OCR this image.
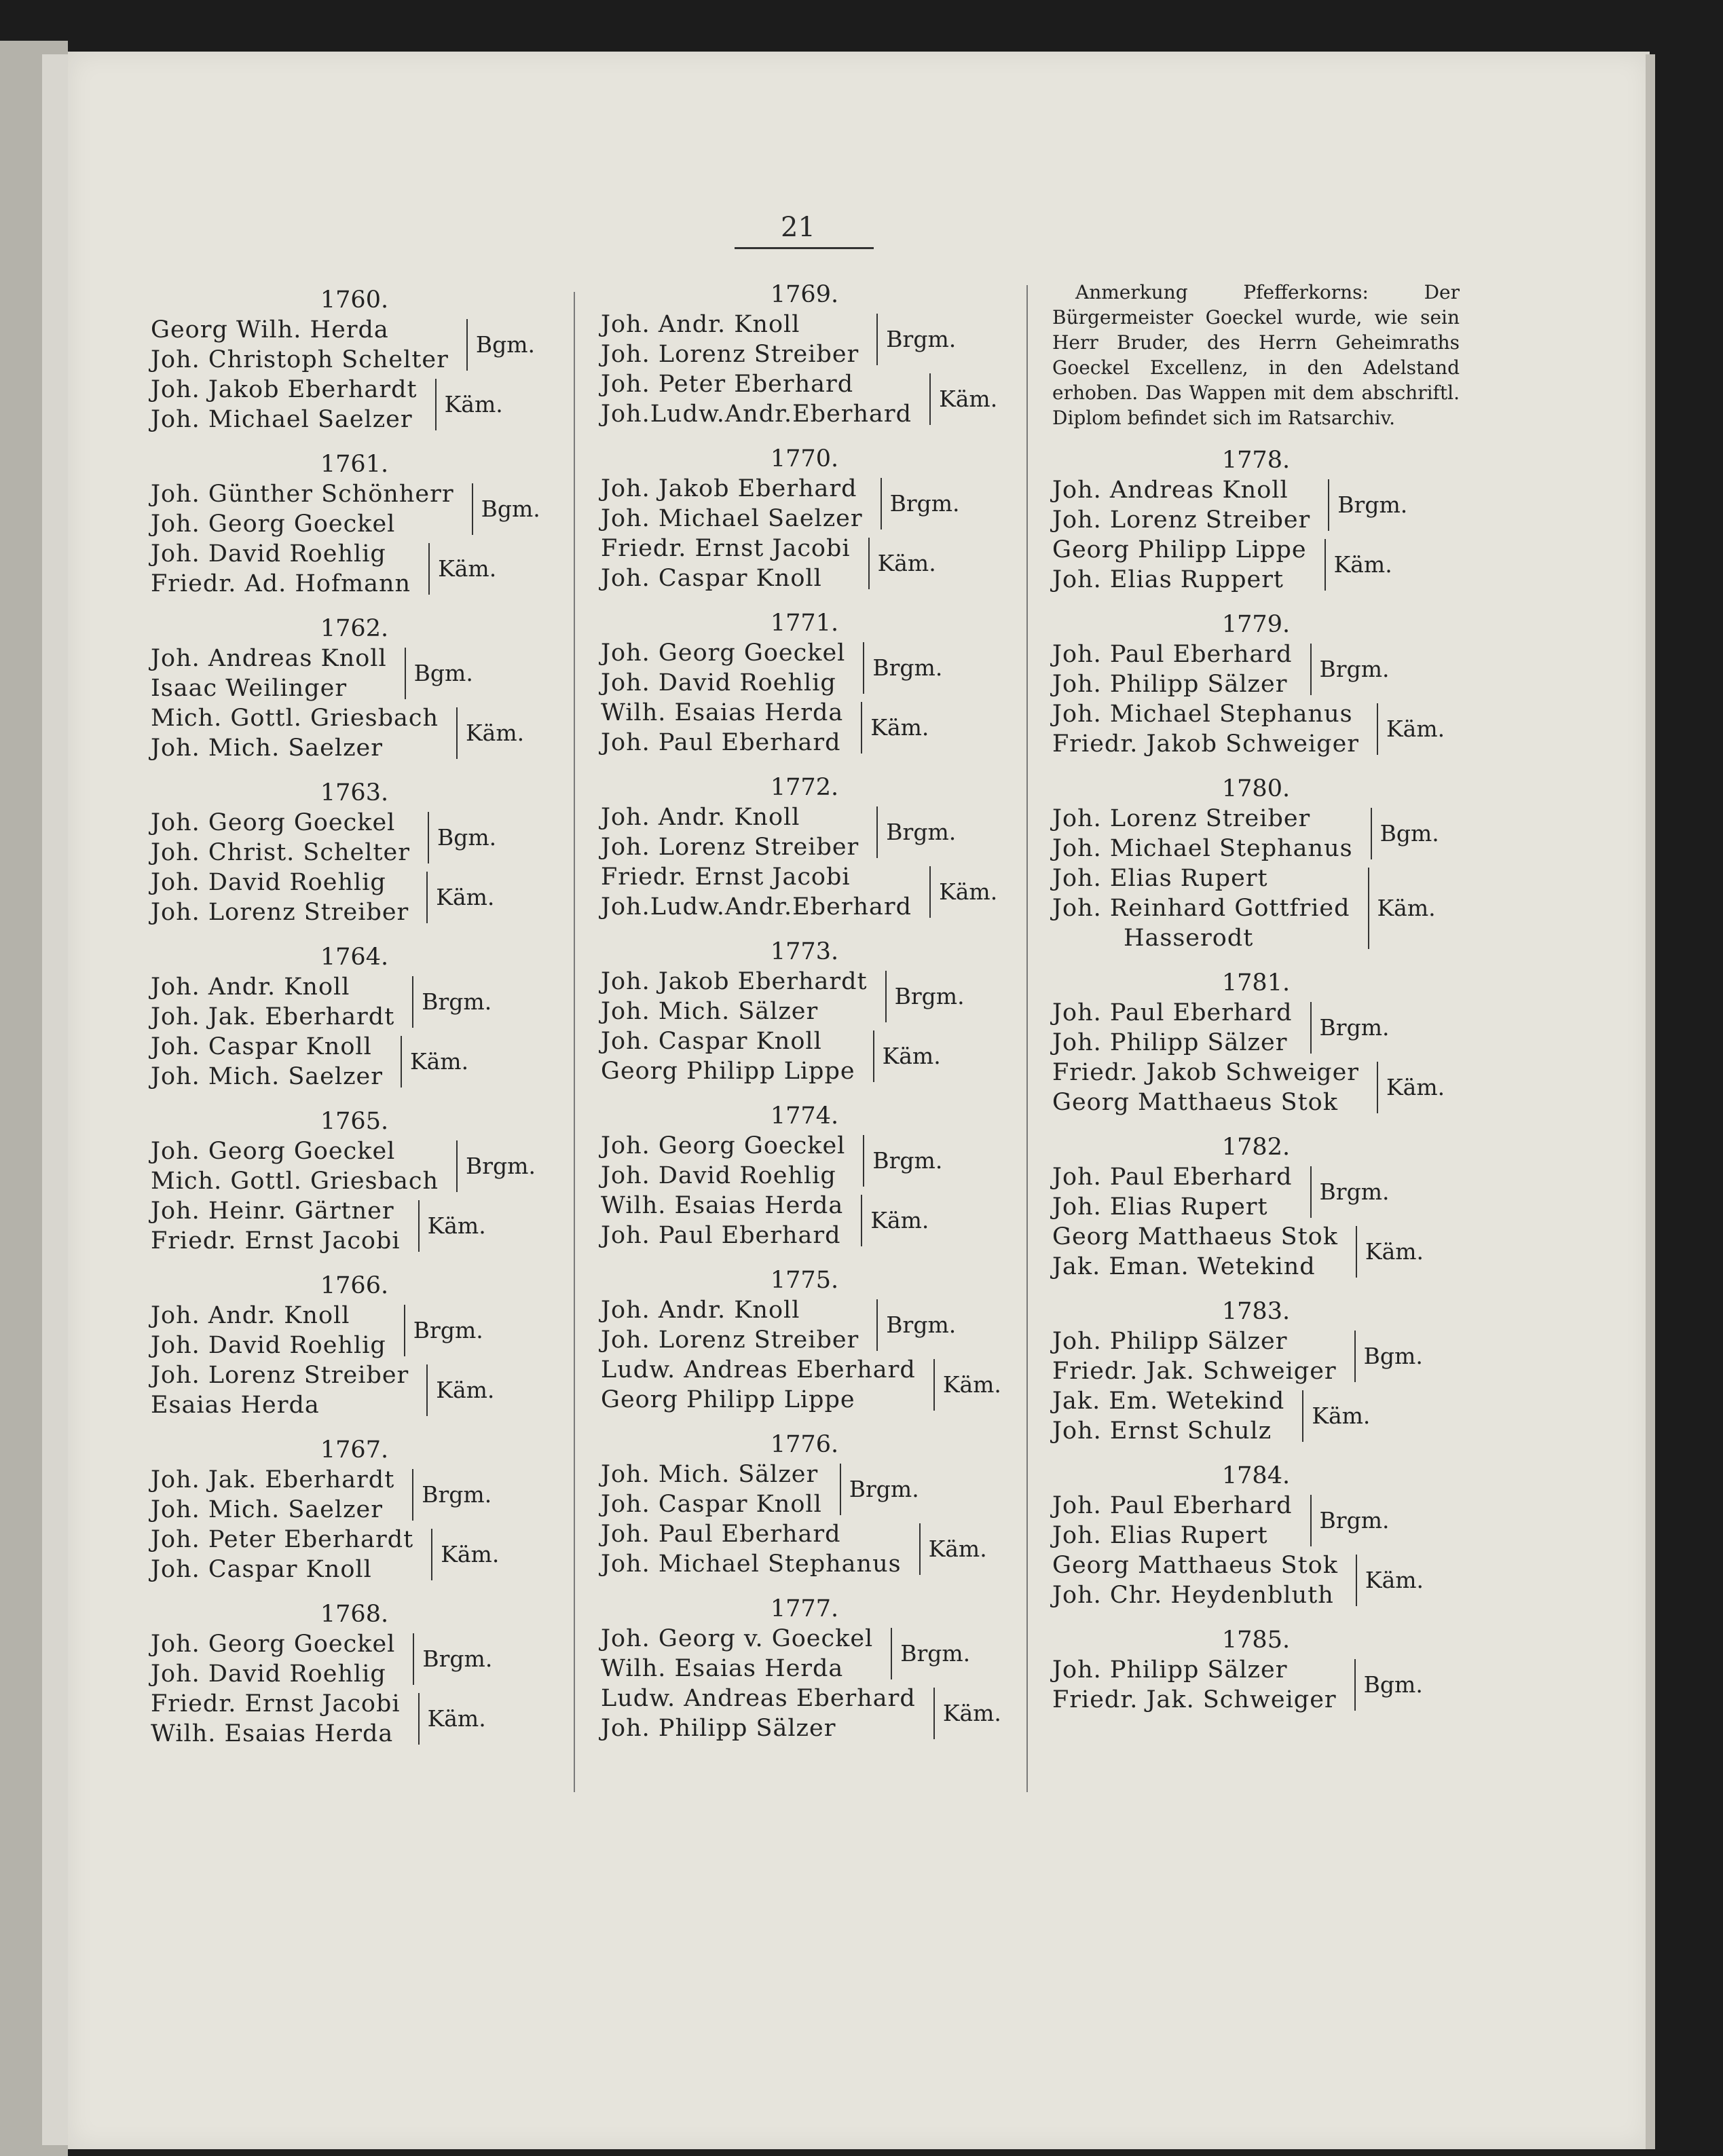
21
1760.
Georg Wilh. Herda
Joh. Christoph Schelter
Bgm.
Joh. Jakob Eberhardt
Joh. Michael Saelzer
Käm.
1761.
Joh. Günther Schönherr
Joh. Georg Goeckel
Bgm.
Joh. David Roehlig
Friedr. Ad. Hofmann
Käm.
1762.
Joh. Andreas Knoll
Isaac Weilinger
Bgm.
Mich. Gottl. Griesbach
Joh. Mich. Saelzer
Käm.
1763.
Joh. Georg Goeckel
Joh. Christ. Schelter
Bgm.
Joh. David Roehlig
Joh. Lorenz Streiber
Käm.
1764.
Joh. Andr. Knoll
Joh. Jak. Eberhardt
Brgm.
Joh. Caspar Knoll
Joh. Mich. Saelzer
Käm.
1765.
Joh. Georg Goeckel
Mich. Gottl. Griesbach
Brgm.
Joh. Heinr. Gärtner
Friedr. Ernst Jacobi
Käm.
1766.
Joh. Andr. Knoll
Joh. David Roehlig
Brgm.
Joh. Lorenz Streiber
Esaias Herda
Käm.
1767.
Joh. Jak. Eberhardt
Joh. Mich. Saelzer
Brgm.
Joh. Peter Eberhardt
Joh. Caspar Knoll
Käm.
1768.
Joh. Georg Goeckel
Joh. David Roehlig
Brgm.
Friedr. Ernst Jacobi
Wilh. Esaias Herda
Käm.
1769.
Joh. Andr. Knoll
Joh. Lorenz Streiber
Brgm.
Joh. Peter Eberhard
Joh.Ludw.Andr.Eberhard
Käm.
1770.
Joh. Jakob Eberhard
Joh. Michael Saelzer
Brgm.
Friedr. Ernst Jacobi
Joh. Caspar Knoll
Käm.
1771.
Joh. Georg Goeckel
Joh. David Roehlig
Brgm.
Wilh. Esaias Herda
Joh. Paul Eberhard
Käm.
1772.
Joh. Andr. Knoll
Joh. Lorenz Streiber
Brgm.
Friedr. Ernst Jacobi
Joh.Ludw.Andr.Eberhard
Käm.
1773.
Joh. Jakob Eberhardt
Joh. Mich. Sälzer
Brgm.
Joh. Caspar Knoll
Georg Philipp Lippe
Käm.
1774.
Joh. Georg Goeckel
Joh. David Roehlig
Brgm.
Wilh. Esaias Herda
Joh. Paul Eberhard
Käm.
1775.
Joh. Andr. Knoll
Joh. Lorenz Streiber
Brgm.
Ludw. Andreas Eberhard
Georg Philipp Lippe
Käm.
1776.
Joh. Mich. Sälzer
Joh. Caspar Knoll
Brgm.
Joh. Paul Eberhard
Joh. Michael Stephanus
Käm.
1777.
Joh. Georg v. Goeckel
Wilh. Esaias Herda
Brgm.
Ludw. Andreas Eberhard
Joh. Philipp Sälzer
Käm.
Anmerkung Pfefferkorns: Der Bürgermeister Goeckel wurde, wie sein Herr Bruder, des Herrn Geheimraths Goeckel Excellenz, in den Adelstand erhoben. Das Wappen mit dem abschriftl. Diplom befindet sich im Ratsarchiv.
1778.
Joh. Andreas Knoll
Joh. Lorenz Streiber
Brgm.
Georg Philipp Lippe
Joh. Elias Ruppert
Käm.
1779.
Joh. Paul Eberhard
Joh. Philipp Sälzer
Brgm.
Joh. Michael Stephanus
Friedr. Jakob Schweiger
Käm.
1780.
Joh. Lorenz Streiber
Joh. Michael Stephanus
Bgm.
Joh. Elias Rupert
Joh. Reinhard Gottfried
Hasserodt
Käm.
1781.
Joh. Paul Eberhard
Joh. Philipp Sälzer
Brgm.
Friedr. Jakob Schweiger
Georg Matthaeus Stok
Käm.
1782.
Joh. Paul Eberhard
Joh. Elias Rupert
Brgm.
Georg Matthaeus Stok
Jak. Eman. Wetekind
Käm.
1783.
Joh. Philipp Sälzer
Friedr. Jak. Schweiger
Bgm.
Jak. Em. Wetekind
Joh. Ernst Schulz
Käm.
1784.
Joh. Paul Eberhard
Joh. Elias Rupert
Brgm.
Georg Matthaeus Stok
Joh. Chr. Heydenbluth
Käm.
1785.
Joh. Philipp Sälzer
Friedr. Jak. Schweiger
Bgm.
